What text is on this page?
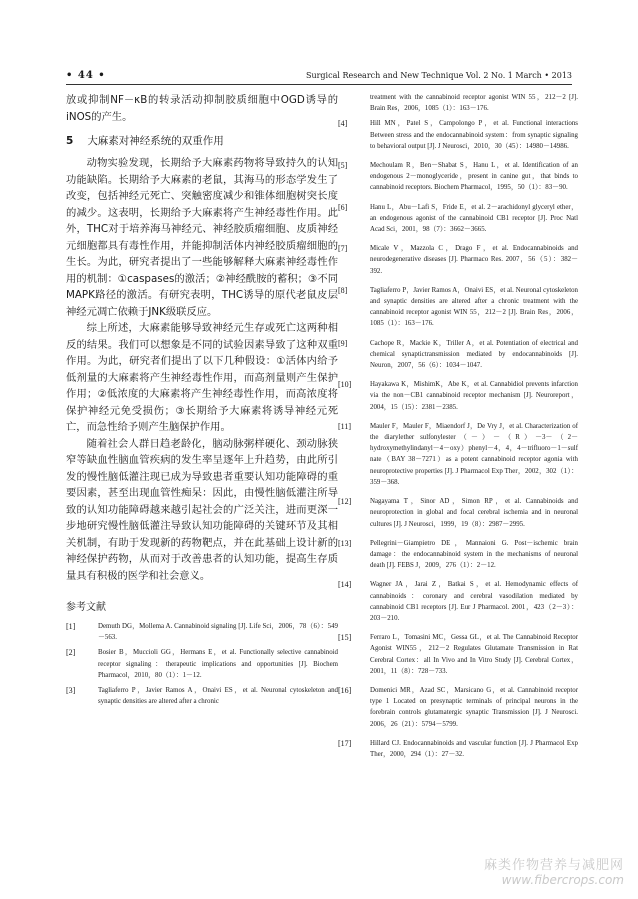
• 44 •	Surgical Research and New Technique Vol. 2 No. 1 March • 2013

放或抑制NF－κB的转录活动抑制胶质细胞中OGD诱导的iNOS的产生。

5 大麻素对神经系统的双重作用

动物实验发现，长期给予大麻素药物将导致持久的认知功能缺陷。长期给予大麻素的老鼠，其海马的形态学发生了改变，包括神经元死亡、突触密度减少和锥体细胞树突长度的减少。这表明，长期给予大麻素将产生神经毒性作用。此外，THC对于培养海马神经元、神经胶质瘤细胞、皮质神经元细胞都具有毒性作用，并能抑制活体内神经胶质瘤细胞的生长。为此，研究者提出了一些能够解释大麻素神经毒性作用的机制：①caspases的激活；②神经酰胺的蓄积；③不同MAPK路径的激活。有研究表明，THC诱导的原代老鼠皮层神经元凋亡依赖于JNK级联反应。

综上所述，大麻素能够导致神经元生存或死亡这两种相反的结果。我们可以想象是不同的试验因素导致了这种双重作用。为此，研究者们提出了以下几种假设：①活体内给予低剂量的大麻素将产生神经毒性作用，而高剂量则产生保护作用；②低浓度的大麻素将产生神经毒性作用，而高浓度将保护神经元免受损伤；③长期给予大麻素将诱导神经元死亡，而急性给予则产生脑保护作用。

随着社会人群日趋老龄化，脑动脉粥样硬化、颈动脉狭窄等缺血性脑血管疾病的发生率呈逐年上升趋势，由此所引发的慢性脑低灌注现已成为导致患者重要认知功能障碍的重要因素，甚至出现血管性痴呆：因此，由慢性脑低灌注所导致的认知功能障碍越来越引起社会的广泛关注，进而更深一步地研究慢性脑低灌注导致认知功能障碍的关键环节及其相关机制，有助于发现新的药物靶点，并在此基础上设计新的神经保护药物，从而对于改善患者的认知功能，提高生存质量具有积极的医学和社会意义。

参考文献
[1]	Demuth DG，Mollema A. Cannabinoid signaling [J]. Life Sci，2006，78（6）：549－563.
[2]	Bosier B，Muccioli GG，Hermans E，et al. Functionally selective cannabinoid receptor signaling：therapeutic implications and opportunities [J]. Biochem Pharmacol，2010，80（1）：1－12.
[3]	Tagliaferro P，Javier Ramos A，Onaivi ES，et al. Neuronal cytoskeleton and synaptic densities are altered after a chronic

treatment with the cannabinoid receptor agonist WIN 55，212－2 [J]. Brain Res，2006，1085（1）：163－176.

[4]	Hill MN，Patel S，Campolongo P，et al. Functional interactions Between stress and the endocannabinoid system：from synaptic signaling to behavioral output [J]. J Neurosci，2010，30（45）：14980－14986.
[5]	Mechoulam R，Ben－Shabat S，Hanu L，et al. Identification of an endogenous 2－monoglyceride，present in canine gut，that binds to cannabinoid receptors. Biochem Pharmacol，1995，50（1）：83－90.
[6]	Hanu L，Abu－Lafi S，Fride E，et al. 2－arachidonyl glyceryl ether，an endogenous agonist of the cannabinoid CB1 receptor [J]. Proc Natl Acad Sci，2001，98（7）：3662－3665.
[7]	Micale V，Mazzola C，Drago F，et al. Endocannabinoids and neurodegenerative diseases [J]. Pharmaco Res. 2007，56（5）：382－392.
[8]	Tagliaferro P，Javier Ramos A，Onaivi ES，et al. Neuronal cytoskeleton and synaptic densities are altered after a chronic treatment with the cannabinoid receptor agonist WIN 55，212－2 [J]. Brain Res，2006，1085（1）：163－176.
[9]	Cachope R，Mackie K，Triller A，et al. Potentiation of electrical and chemical synaptictransmission mediated by endocannabinoids [J]. Neuron，2007，56（6）：1034－1047.
[10]	Hayakawa K，MishimK，Abe K，et al. Cannabidiol prevents infarction via the non－CB1 cannabinoid receptor mechanism [J]. Neuroreport，2004，15（15）：2381－2385.
[11]	Mauler F，Mauler F，Miaendorf J，De Vry J，et al. Characterization of the diarylether sulfonylester（－）－（R）－3－（2－hydroxymethylindanyl－4－oxy）phenyl－4，4，4－trifluoro－1－sulf nate（BAY 38－7271）as a potent cannabinoid receptor agonia with neuroprotective properties [J]. J Pharmacol Exp Ther，2002，302（1）：359－368.
[12]	Nagayama T，Sinor AD，Simon RP，et al. Cannabinoids and neuroprotection in global and focal cerebral ischemia and in neuronal cultures [J]. J Neurosci，1999，19（8）：2987－2995.
[13]	Pellegrini－Giampietro DE，Mannaioni G. Post－ischemic brain damage：the endocannabinoid system in the mechanisms of neuronal death [J]. FEBS J，2009，276（1）：2－12.
[14]	Wagner JA，Jarai Z，Batkai S，et al. Hemodynamic effects of cannabinoids：coronary and cerebral vasodilation mediated by cannabinoid CB1 receptors [J]. Eur J Pharmacol. 2001，423（2－3）：203－210.
[15]	Ferraro L，Tomasini MC，Gessa GL，et al. The Cannabinoid Receptor Agonist WIN55，212－2 Regulates Glutamate Transmission in Rat Cerebral Cortex：all In Vivo and In Vitro Study [J]. Cerebral Cortex，2001，11（8）：728－733.
[16]	Domenici MR，Azad SC，Marsicano G，et al. Cannabinoid receptor type 1 Located on presynaptic terminals of principal neurons in the forebrain controls glutamatergic synaptic Transmission [J]. J Neurosci. 2006，26（21）：5794－5799.
[17]	Hillard CJ. Endocannabinoids and vascular function [J]. J Pharmacol Exp Ther，2000，294（1）：27－32.
麻类作物营养与减肥网
www.fibercrops.com
